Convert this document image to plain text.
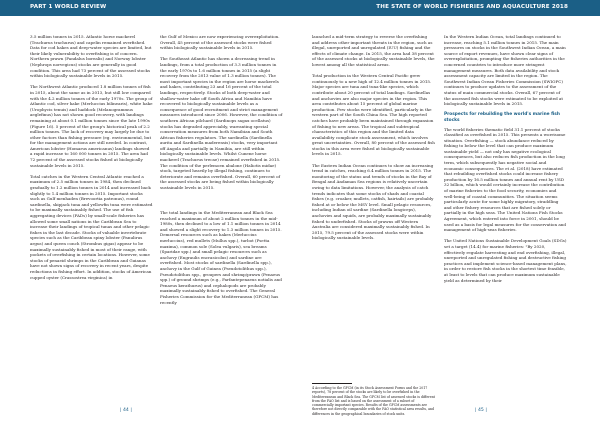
PART 1 WORLD REVIEW	THE STATE OF WORLD FISHERIES AND AQUACULTURE 2018

3.5 million tonnes in 2015. Atlantic horse mackerel (Trachurus trachurus) and capelin remained overfished. Data for cod hakes and deep-water species are limited, but their likely vulnerability to overfishing is of concern. Northern prawn (Pandalus borealis) and Norway lobster (Nephrops norvegicus) stocks are generally in good condition. This area had 73 percent of the assessed stocks within biologically sustainable levels in 2015.

The Northwest Atlantic produced 1.8 million tonnes of fish in 2015, about the same as in 2013, but still low compared with the 4.2 million tonnes of the early 1970s. The group of Atlantic cod, silver hake (Merluccius bilinearis), white hake (Urophycis tenuis) and haddock (Melanogrammus aeglefinus) has not shown good recovery, with landings remaining at about 0.1 million tonnes since the late 1990s (Figure 16). 5 percent of the group's historical peak of 2.2 million tonnes. The lack of recovery may largely be due to other factors than fishing pressure (eg. environmental, but for the management actions are still needed. In contrast, American lobster (Homarus americanus) landings showed a rapid increase to 160 000 tonnes in 2015. The area had 72 percent of the assessed stocks fished at biologically sustainable levels in 2015.

Total catches in the Western Central Atlantic reached a maximum of 2.5 million tonnes in 1984, then declined gradually to 1.2 million tonnes in 2014 and increased back slightly to 1.4 million tonnes in 2015. Important stocks such as Gulf menhaden (Brevoortia patronus), round sardinella, skipjack tuna and yellowfin tuna were estimated to be maximally sustainably fished. The use of fish aggregating devices (FADs) by small-scale fisheries has allowed some small nations in the Caribbean Sea to increase their landings of tropical tunas and other pelagic fishes in the last decade. Stocks of valuable invertebrate species such as the Caribbean spiny lobster (Panulirus argus) and queen conch (Strombus gigas) appear to be maximally sustainably fished in most of their range, with pockets of overfishing in certain locations. However, some stocks of penaeid shrimps in the Caribbean and Guianas have not shown signs of recovery in recent years, despite reductions in fishing effort. In addition, stocks of American cupped oyster (Crassostrea virginica) in

the Gulf of Mexico are now experiencing overexploitation. Overall, 45 percent of the assessed stocks were fished within biologically sustainable levels in 2015.

The Southeast Atlantic has shown a decreasing trend in landings, from a total production of 3.3 million tonnes in the early 1970s to 1.6 million tonnes in 2015 (a slight recovery from the 2013 value of 1.3 million tonnes). The most important species in the region are horse mackerels and hakes, contributing 23 and 16 percent of the total landings, respectively. Stocks of both deep-water and shallow-water hake off South Africa and Namibia have recovered to biologically sustainable levels as a consequence of good recruitment and strict management measures introduced since 2006. However, the condition of southern African pilchard (Sardinops sagax ocellatus) stocks has degraded appreciably, warranting special conservation measures from both Namibian and South African fisheries regulators. The sardinella (Sardinella aurita and Sardinella maderensis) stocks, very important off Angola and partially in Namibia, are still within biologically sustainable levels. Whilst Cunene horse mackerel (Trachurus trecae) remained overfished in 2015. The condition of the perlemoen abalone (Haliotis midae) stock, targeted heavily by illegal fishing, continues to deteriorate and remains overfished. Overall, 60 percent of the assessed stocks are being fished within biologically sustainable levels in 2015.

The total landings in the Mediterranean and Black Sea reached a maximum of about 2 million tonnes in the mid-1980s, then declined to a low of 1.1 million tonnes in 2014 and showed a slight recovery to 1.3 million tonnes in 2015. Demersal resources such as hakes (Merluccius merluccius), red mullets (Mullus spp.), turbot (Psetta maxima), common sole (Solea vulgaris), sea breams (Sparidae spp.) and small pelagic resources such as anchovy (Engraulis encrasicolus) and sardine are overfished. Most stocks of sardinella (Sardinella spp.), anchovy in the Gulf of Guinea (Pseudotolithus spp.), Pseudotolithus spp., groupers and shrimp/prawn (Penaeus spp.) of ground shrimps (e.g., Farfantepenaeus notialis and Penaeus kerathurus) and cephalopods are probably maximally sustainably fished to overfished. The General Fisheries Commission for the Mediterranean (GFCM) has recently

launched a mid-term strategy to reverse the overfishing and address other important threats in the region, such as illegal, unreported and unregulated (IUU) fishing and the effects of climate change. In 2015, the area had 38 percent of the assessed stocks at biologically sustainable levels, the lowest among all the statistical areas.

Total production in the Western Central Pacific grew continuously to a new high of 12.4 million tonnes in 2015. Major species are tuna and tuna-like species, which contribute about 20 percent of total landings. Sardinellas and anchovies are also major species in the region. This area contributes about 15 percent of global marine production. Few stocks were identified, particularly in the western part of the South China Sea. The high reported catches have probably been maintained through expansion of fishing to new areas. The tropical and subtropical characteristics of this region and the limited data availability complicate stock assessment, which involves great uncertainties. Overall, 80 percent of the assessed fish stocks in this area were fished at biologically sustainable levels in 2015.

The Eastern Indian Ocean continues to show an increasing trend in catches, reaching 6.4 million tonnes in 2015. The monitoring of the status and trends of stocks in the Bay of Bengal and Andaman Sea regions is relatively uncertain owing to data limitations. However, the analysis of catch trends indicates that some stocks of shads and coastal fishes (e.g. croaker, mullets, catfish, hairtails) are probably fished at or below the MSY level. Small pelagic resources, including Indian oil sardine (Sardinella longiceps), anchovies and squids, are probably maximally sustainably fished to underfished. Stocks of prawns off Western Australia are considered maximally sustainably fished. In 2015, 79.5 percent of the assessed stocks were within biologically sustainable levels.

In the Western Indian Ocean, total landings continued to increase, reaching 5.1 million tonnes in 2015. The main pressures on stocks in the Southwest Indian Ocean, a main source of export revenues, have shown clear signs of overexploitation, prompting the fisheries authorities in the concerned countries to introduce more stringent management measures. Both data availability and stock assessment capacity are limited in the region. The Southwest Indian Ocean Fisheries Commission (SWIOFC) continues to produce updates to the assessment of the status of main commercial stocks. Overall, 67 percent of the assessed fish stocks were estimated to be exploited at biologically sustainable levels in 2015.

Prospects for rebuilding the world's marine fish stocks

The world fisheries thematic field 31.1 percent of stocks classified as overfished in 2015. This presents a worrisome situation. Overfishing — stock abundance reduced by fishing to below the level that can produce maximum sustainable yield — not only has negative ecological consequences, but also reduces fish production in the long term, which subsequently has negative social and economic consequences. The et al. (2018) have estimated that rebuilding overfished stocks could increase fishery production by 16.5 million tonnes and annual rent by USD 32 billion, which would certainly increase the contribution of marine fisheries to the food security, economies and well-being of coastal communities. The situation seems particularly acute for some highly migratory, straddling and other fishery resources that are fished solely or partially in the high seas. The United Nations Fish Stocks Agreement, which entered into force in 2001, should be used as a basis for legal measures for the conservation and management of high-seas fisheries.

The United Nations Sustainable Development Goals (SDGs) set a target (14.4) for marine fisheries: "By 2020, effectively regulate harvesting and end overfishing, illegal, unreported and unregulated fishing and destructive fishing practices and implement science-based management plans, in order to restore fish stocks in the shortest time feasible, at least to levels that can produce maximum sustainable yield as determined by their

4 According to the GFCM (in its Stock Assessment Forms and the 2017 reports), 78 percent of the stocks are likely to be overfished in the Mediterranean and Black Sea. The GFCM list of assessed stocks is different from the FAO list and is based on the assessment of a subset of commercially important species. Results of the GFCM assessments are therefore not directly comparable with the FAO statistical area results, and differences in the geographical boundaries of stock units.
| 44 |	| 45 |
